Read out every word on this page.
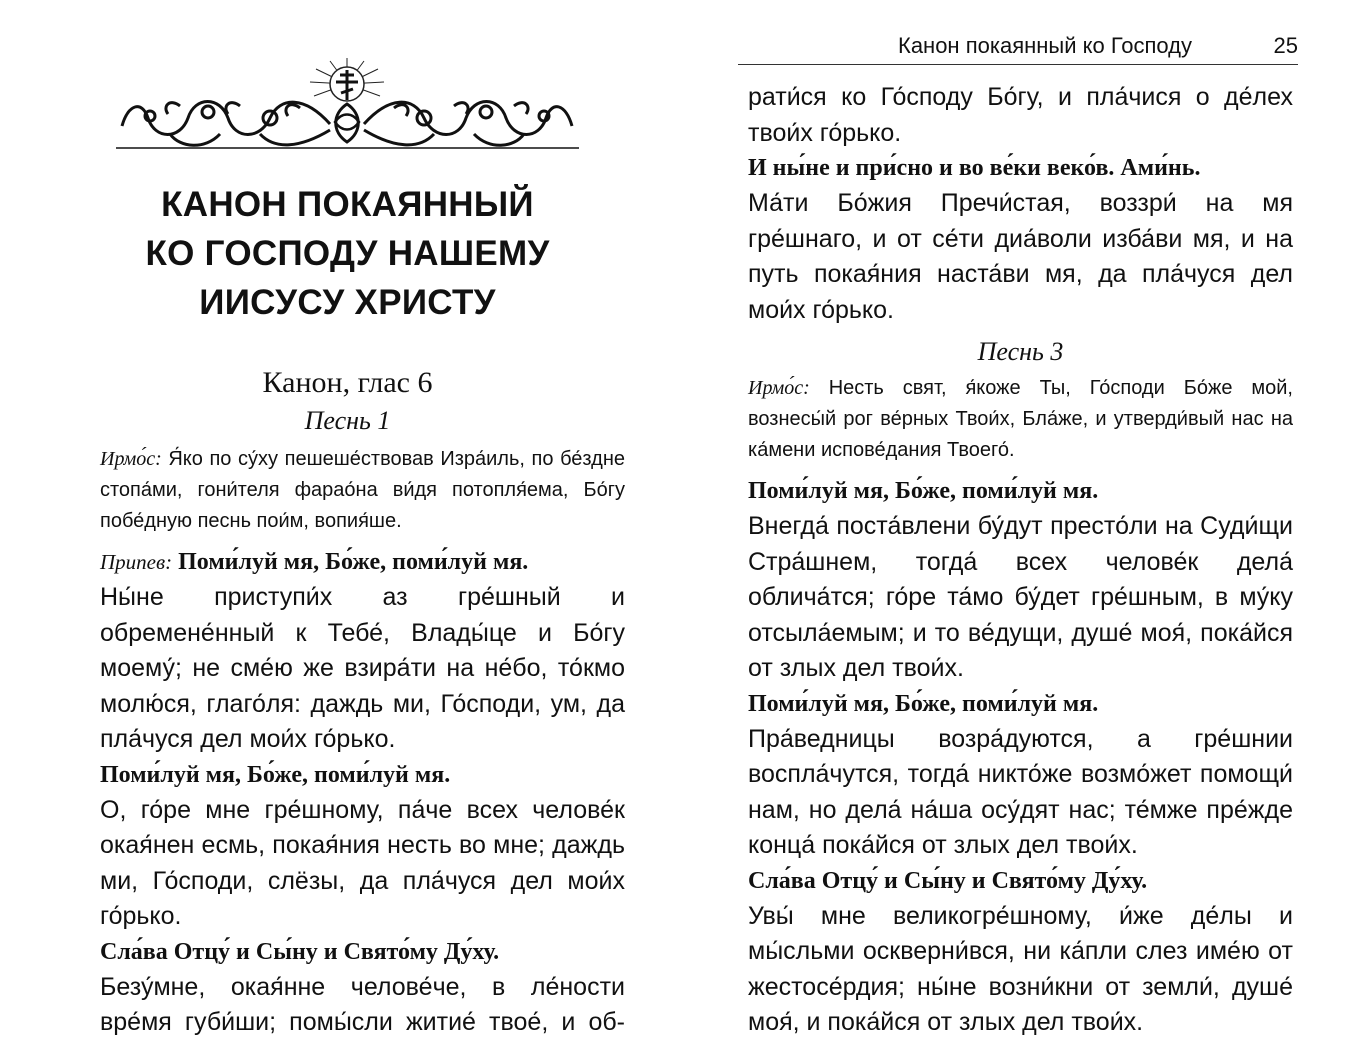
КАНОН ПОКАЯННЫЙ
КО ГОСПОДУ НАШЕМУ
ИИСУСУ ХРИСТУ
Канон, глас 6
Песнь 1

Ирмо́с: Я́ко по су́ху пешеше́ствовав Изра́иль, по бе́здне стопа́ми, гони́теля фарао́на ви́дя потопля́ема, Бо́гу побе́дную песнь пои́м, вопия́ше.

Припев: Поми́луй мя, Бо́же, поми́луй мя.

Ны́не приступи́х аз гре́шный и обремене́нный к Тебе́, Влады́це и Бо́гу моему́; не сме́ю же взира́ти на не́бо, то́кмо молю́ся, глаго́ля: даждь ми, Го́споди, ум, да пла́чуся дел мои́х го́рько.

Поми́луй мя, Бо́же, поми́луй мя.

О, го́ре мне гре́шному, па́че всех челове́к окая́нен есмь, покая́ния несть во мне; даждь ми, Го́споди, слёзы, да пла́чуся дел мои́х го́рько.

Сла́ва Отцу́ и Сы́ну и Свято́му Ду́ху.

Безу́мне, окая́нне челове́че, в ле́ности вре́мя губи́ши; помы́сли житие́ твое́, и об-

Канон покаянный ко Господу	25

рати́ся ко Го́споду Бо́гу, и пла́чися о де́лех твои́х го́рько.

И ны́не и при́сно и во ве́ки веко́в. Ами́нь.

Ма́ти Бо́жия Пречи́стая, воззри́ на мя гре́шнаго, и от се́ти диа́воли изба́ви мя, и на путь покая́ния наста́ви мя, да пла́чуся дел мои́х го́рько.

Песнь 3

Ирмо́с: Несть свят, я́коже Ты, Го́споди Бо́же мой, вознесы́й рог ве́рных Твои́х, Бла́же, и утверди́вый нас на ка́мени испове́дания Твоего́.

Поми́луй мя, Бо́же, поми́луй мя.

Внегда́ поста́влени бу́дут престо́ли на Суди́щи Стра́шнем, тогда́ всех челове́к дела́ облича́тся; го́ре та́мо бу́дет гре́шным, в му́ку отсыла́емым; и то ве́дущи, душе́ моя́, пока́йся от злых дел твои́х.

Поми́луй мя, Бо́же, поми́луй мя.

Пра́ведницы возра́дуются, а гре́шнии воспла́чутся, тогда́ никто́же возмо́жет помощи́ нам, но дела́ на́ша осу́дят нас; те́мже пре́жде конца́ пока́йся от злых дел твои́х.

Сла́ва Отцу́ и Сы́ну и Свято́му Ду́ху.

Увы́ мне великогре́шному, и́же де́лы и мы́сльми оскверни́вся, ни ка́пли слез име́ю от жестосе́рдия; ны́не возни́кни от земли́, душе́ моя́, и пока́йся от злых дел твои́х.
